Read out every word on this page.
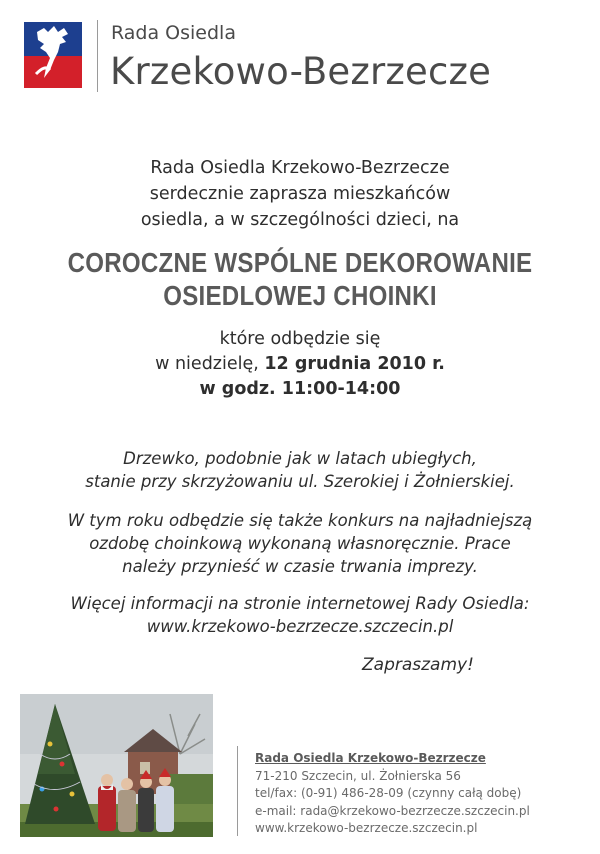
Rada Osiedla
Krzekowo-Bezrzecze
Rada Osiedla Krzekowo-Bezrzecze
serdecznie zaprasza mieszkańców
osiedla, a w szczególności dzieci, na
COROCZNE WSPÓLNE DEKOROWANIE
OSIEDLOWEJ CHOINKI
które odbędzie się
w niedzielę, 12 grudnia 2010 r.
w godz. 11:00-14:00
Drzewko, podobnie jak w latach ubiegłych,
stanie przy skrzyżowaniu ul. Szerokiej i Żołnierskiej.
W tym roku odbędzie się także konkurs na najładniejszą
ozdobę choinkową wykonaną własnoręcznie. Prace
należy przynieść w czasie trwania imprezy.
Więcej informacji na stronie internetowej Rady Osiedla:
www.krzekowo-bezrzecze.szczecin.pl
Zapraszamy!
Rada Osiedla Krzekowo-Bezrzecze
71-210 Szczecin, ul. Żołnierska 56
tel/fax: (0-91) 486-28-09 (czynny całą dobę)
e-mail: rada@krzekowo-bezrzecze.szczecin.pl
www.krzekowo-bezrzecze.szczecin.pl
